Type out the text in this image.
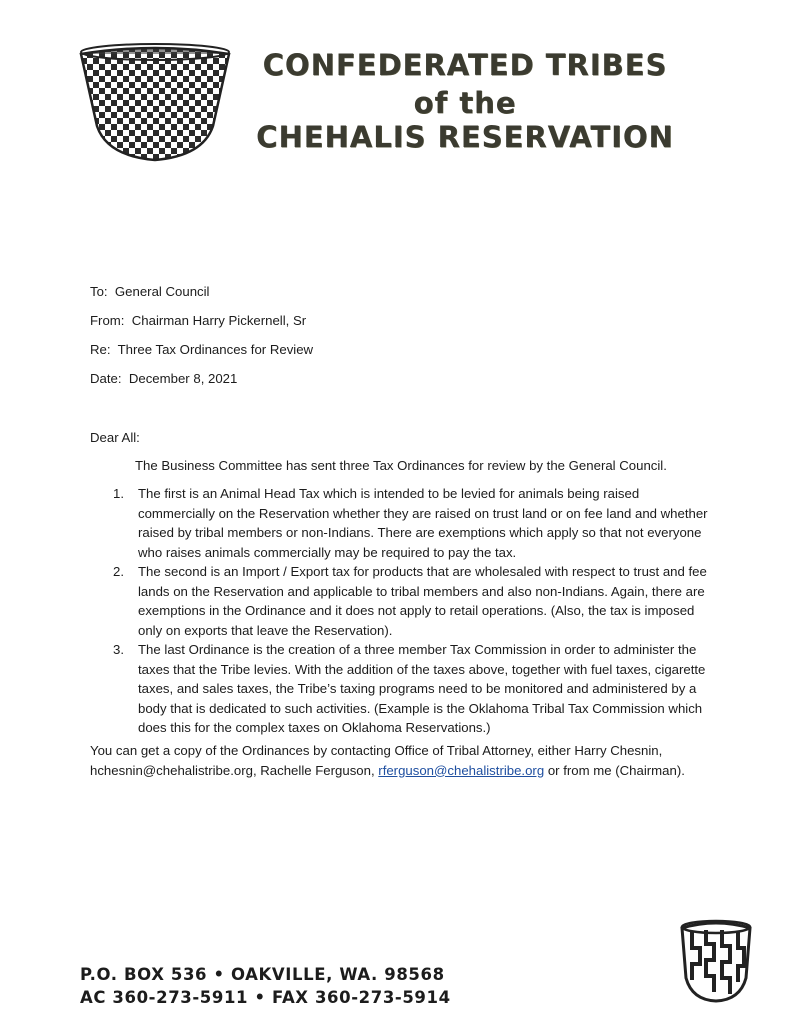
CONFEDERATED TRIBES
of the
CHEHALIS RESERVATION
To: General Council
From: Chairman Harry Pickernell, Sr
Re: Three Tax Ordinances for Review
Date: December 8, 2021
Dear All:
The Business Committee has sent three Tax Ordinances for review by the General Council.
1. The first is an Animal Head Tax which is intended to be levied for animals being raised commercially on the Reservation whether they are raised on trust land or on fee land and whether raised by tribal members or non-Indians. There are exemptions which apply so that not everyone who raises animals commercially may be required to pay the tax.
2. The second is an Import / Export tax for products that are wholesaled with respect to trust and fee lands on the Reservation and applicable to tribal members and also non-Indians. Again, there are exemptions in the Ordinance and it does not apply to retail operations. (Also, the tax is imposed only on exports that leave the Reservation).
3. The last Ordinance is the creation of a three member Tax Commission in order to administer the taxes that the Tribe levies. With the addition of the taxes above, together with fuel taxes, cigarette taxes, and sales taxes, the Tribe’s taxing programs need to be monitored and administered by a body that is dedicated to such activities. (Example is the Oklahoma Tribal Tax Commission which does this for the complex taxes on Oklahoma Reservations.)
You can get a copy of the Ordinances by contacting Office of Tribal Attorney, either Harry Chesnin, hchesnin@chehalistribe.org, Rachelle Ferguson, rferguson@chehalistribe.org or from me (Chairman).
P.O. BOX 536 • OAKVILLE, WA. 98568
AC 360-273-5911 • FAX 360-273-5914
